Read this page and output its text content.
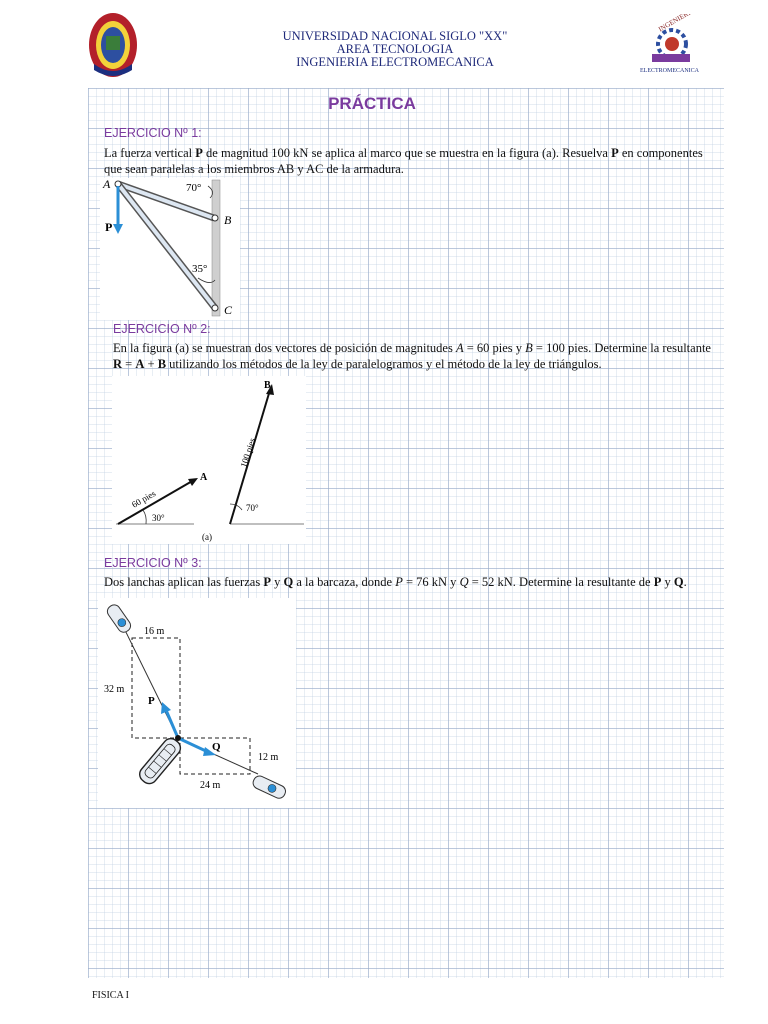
INGENIERIA
ELECTROMECANICA
UNIVERSIDAD NACIONAL SIGLO "XX"
AREA TECNOLOGIA
INGENIERIA ELECTROMECANICA
PRÁCTICA
EJERCICIO Nº 1:
La fuerza vertical P de magnitud 100 kN se aplica al marco que se muestra en la figura (a). Resuelva P en componentes que sean paralelas a los miembros AB y AC de la armadura.
A
B
C
P
70°
35°
EJERCICIO Nº 2:
En la figura (a) se muestran dos vectores de posición de magnitudes A = 60 pies y B = 100 pies. Determine la resultante R = A + B utilizando los métodos de la ley de paralelogramos y el método de la ley de triángulos.
A
60 pies
30°
B
100 pies
70°
(a)
EJERCICIO Nº 3:
Dos lanchas aplican las fuerzas P y Q a la barcaza, donde P = 76 kN y Q = 52 kN. Determine la resultante de P y Q.
16 m
32 m
12 m
24 m
P
Q
FISICA I
